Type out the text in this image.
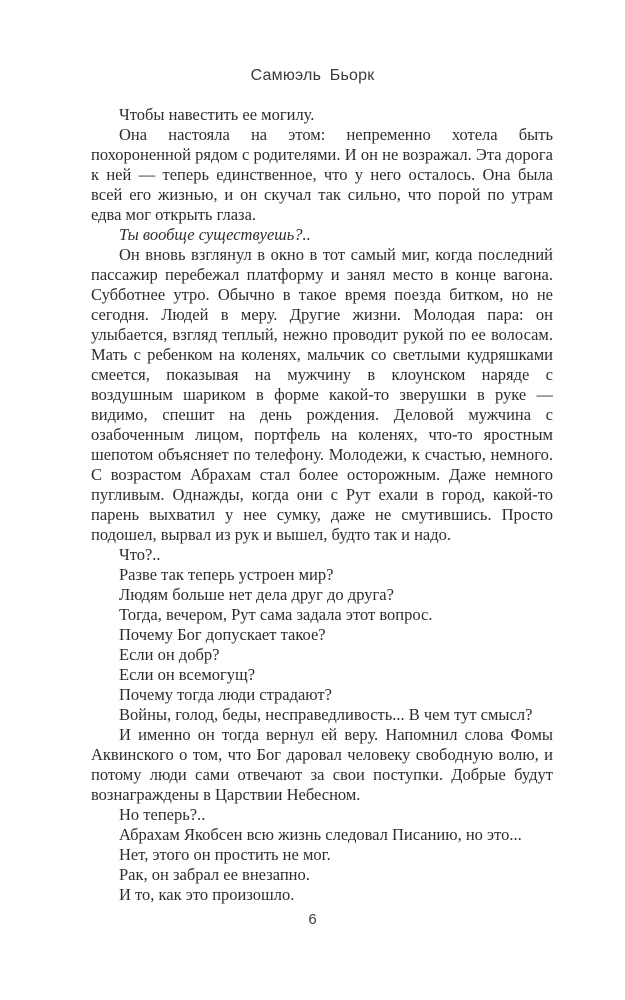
Самюэль Бьорк

Чтобы навестить ее могилу.

Она настояла на этом: непременно хотела быть похороненной рядом с родителями. И он не возражал. Эта дорога к ней — теперь единственное, что у него осталось. Она была всей его жизнью, и он скучал так сильно, что порой по утрам едва мог открыть глаза.

Ты вообще существуешь?..

Он вновь взглянул в окно в тот самый миг, когда последний пассажир перебежал платформу и занял место в конце вагона. Субботнее утро. Обычно в такое время поезда битком, но не сегодня. Людей в меру. Другие жизни. Молодая пара: он улыбается, взгляд теплый, нежно проводит рукой по ее волосам. Мать с ребенком на коленях, мальчик со светлыми кудряшками смеется, показывая на мужчину в клоунском наряде с воздушным шариком в форме какой-то зверушки в руке — видимо, спешит на день рождения. Деловой мужчина с озабоченным лицом, портфель на коленях, что-то яростным шепотом объясняет по телефону. Молодежи, к счастью, немного. С возрастом Абрахам стал более осторожным. Даже немного пугливым. Однажды, когда они с Рут ехали в город, какой-то парень выхватил у нее сумку, даже не смутившись. Просто подошел, вырвал из рук и вышел, будто так и надо.

Что?..

Разве так теперь устроен мир?

Людям больше нет дела друг до друга?

Тогда, вечером, Рут сама задала этот вопрос.

Почему Бог допускает такое?

Если он добр?

Если он всемогущ?

Почему тогда люди страдают?

Войны, голод, беды, несправедливость... В чем тут смысл?

И именно он тогда вернул ей веру. Напомнил слова Фомы Аквинского о том, что Бог даровал человеку свободную волю, и потому люди сами отвечают за свои поступки. Добрые будут вознаграждены в Царствии Небесном.

Но теперь?..

Абрахам Якобсен всю жизнь следовал Писанию, но это...

Нет, этого он простить не мог.

Рак, он забрал ее внезапно.

И то, как это произошло.

6
